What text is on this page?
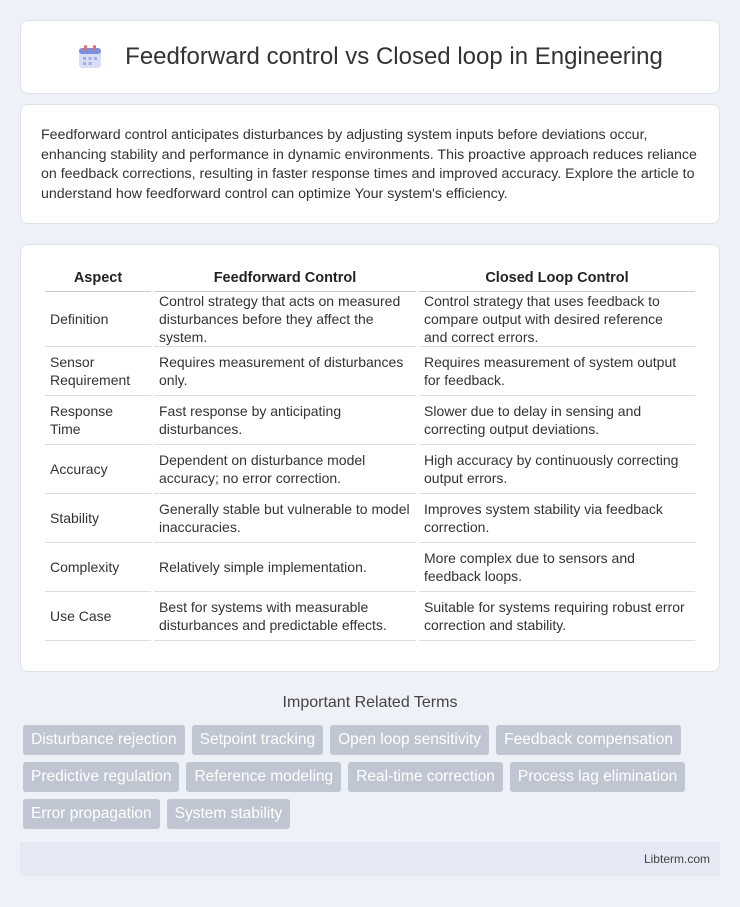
Feedforward control vs Closed loop in Engineering

Feedforward control anticipates disturbances by adjusting system inputs before deviations occur, enhancing stability and performance in dynamic environments. This proactive approach reduces reliance on feedback corrections, resulting in faster response times and improved accuracy. Explore the article to understand how feedforward control can optimize Your system's efficiency.

Aspect	Feedforward Control	Closed Loop Control
Definition	Control strategy that acts on measured disturbances before they affect the system.	Control strategy that uses feedback to compare output with desired reference and correct errors.
Sensor Requirement	Requires measurement of disturbances only.	Requires measurement of system output for feedback.
Response Time	Fast response by anticipating disturbances.	Slower due to delay in sensing and correcting output deviations.
Accuracy	Dependent on disturbance model accuracy; no error correction.	High accuracy by continuously correcting output errors.
Stability	Generally stable but vulnerable to model inaccuracies.	Improves system stability via feedback correction.
Complexity	Relatively simple implementation.	More complex due to sensors and feedback loops.
Use Case	Best for systems with measurable disturbances and predictable effects.	Suitable for systems requiring robust error correction and stability.
Important Related Terms
Disturbance rejection	Setpoint tracking	Open loop sensitivity	Feedback compensation
Predictive regulation	Reference modeling	Real-time correction	Process lag elimination
Error propagation	System stability
Libterm.com
